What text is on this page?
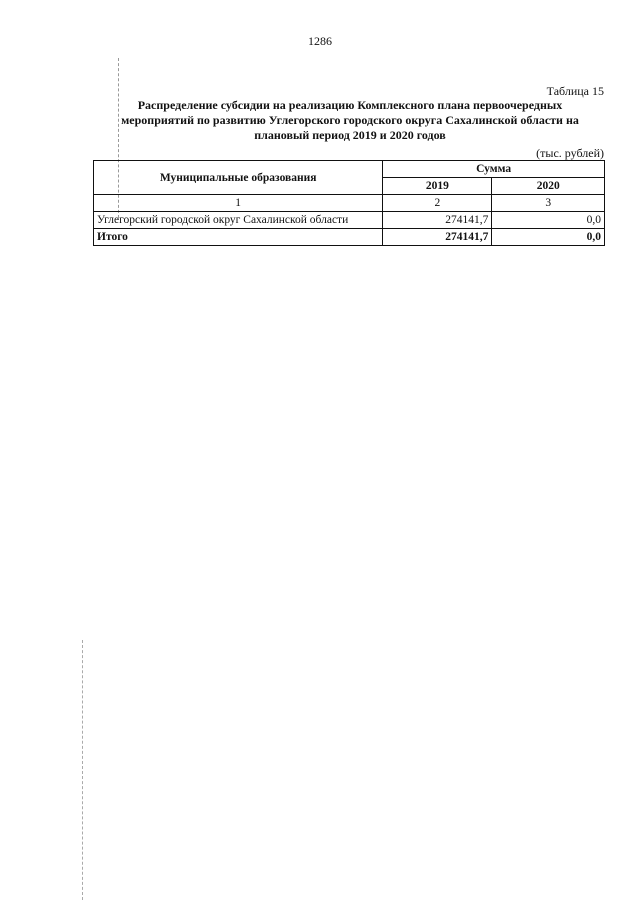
1286
Таблица 15
Распределение субсидии на реализацию Комплексного плана первоочередных
мероприятий по развитию Углегорского городского округа Сахалинской области на
плановый период 2019 и 2020 годов
(тыс. рублей)
Муниципальные образования	Сумма	
	2019	2020
1	2	3
Углегорский городской округ Сахалинской области	274141,7	0,0
Итого	274141,7	0,0
